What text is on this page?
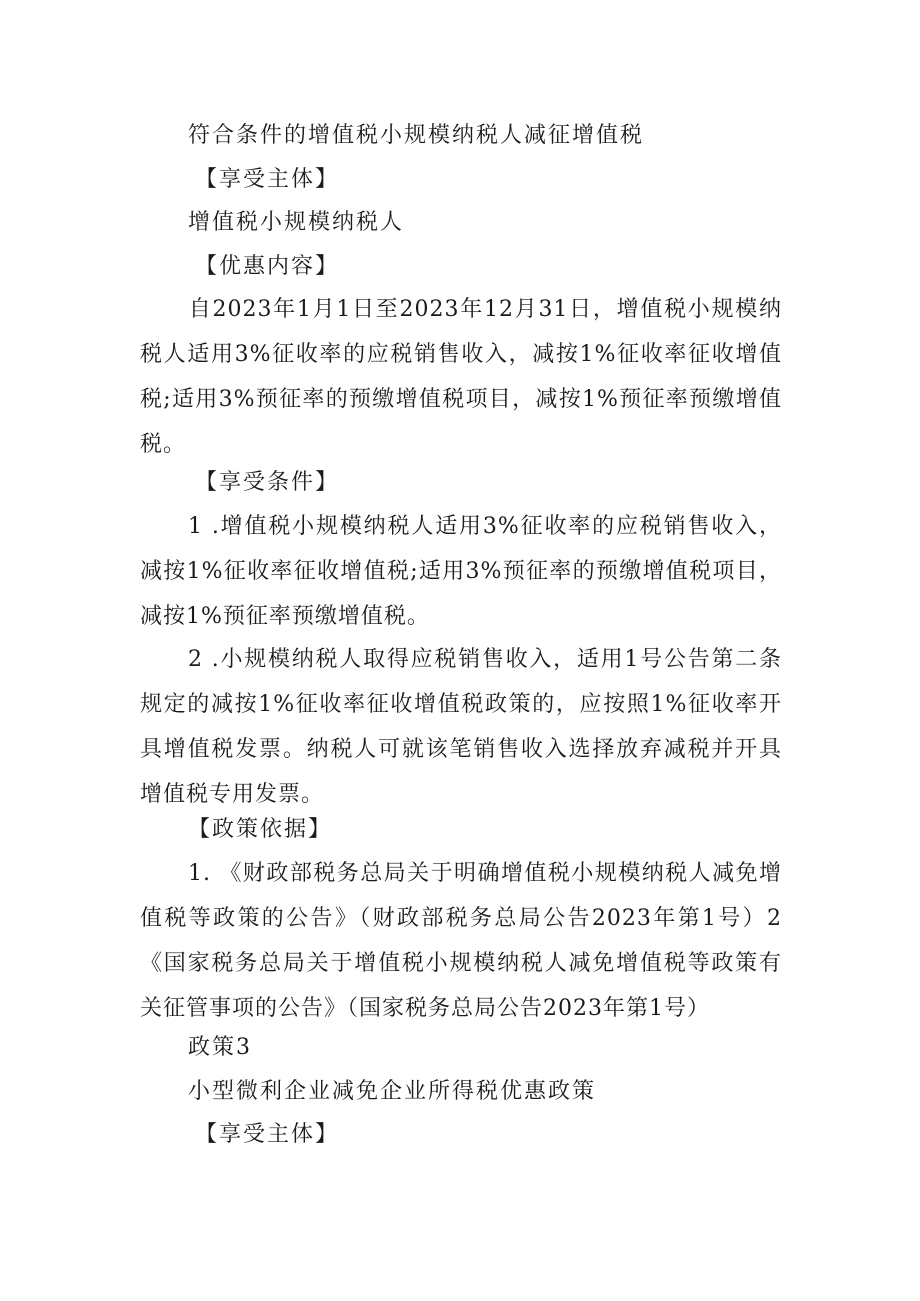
符合条件的增值税小规模纳税人减征增值税
【享受主体】
增值税小规模纳税人
【优惠内容】
自2023年1月1日至2023年12月31日，增值税小规模纳税人适用3%征收率的应税销售收入，减按1%征收率征收增值税;适用3%预征率的预缴增值税项目，减按1%预征率预缴增值税。
【享受条件】
1 .增值税小规模纳税人适用3%征收率的应税销售收入，减按1%征收率征收增值税;适用3%预征率的预缴增值税项目，减按1%预征率预缴增值税。
2 .小规模纳税人取得应税销售收入，适用1号公告第二条规定的减按1%征收率征收增值税政策的，应按照1%征收率开具增值税发票。纳税人可就该笔销售收入选择放弃减税并开具增值税专用发票。
【政策依据】
1. 《财政部税务总局关于明确增值税小规模纳税人减免增值税等政策的公告》（财政部税务总局公告2023年第1号）2《国家税务总局关于增值税小规模纳税人减免增值税等政策有关征管事项的公告》（国家税务总局公告2023年第1号）
政策3
小型微利企业减免企业所得税优惠政策
【享受主体】
